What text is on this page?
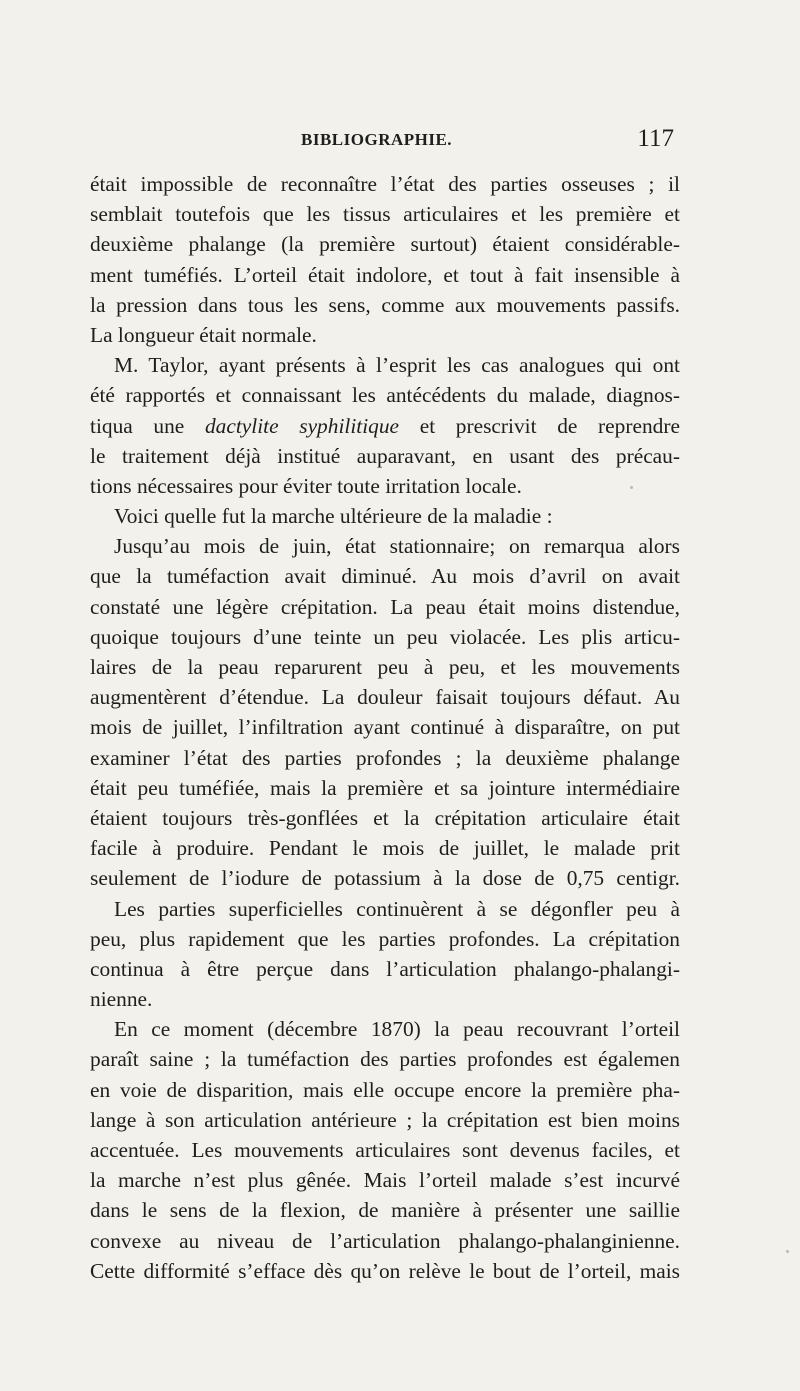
BIBLIOGRAPHIE.	117
était impossible de reconnaître l’état des parties osseuses ; il
semblait toutefois que les tissus articulaires et les première et
deuxième phalange (la première surtout) étaient considérable-
ment tuméfiés. L’orteil était indolore, et tout à fait insensible à
la pression dans tous les sens, comme aux mouvements passifs.
La longueur était normale.
M. Taylor, ayant présents à l’esprit les cas analogues qui ont
été rapportés et connaissant les antécédents du malade, diagnos-
tiqua une dactylite syphilitique et prescrivit de reprendre
le traitement déjà institué auparavant, en usant des précau-
tions nécessaires pour éviter toute irritation locale.
Voici quelle fut la marche ultérieure de la maladie :
Jusqu’au mois de juin, état stationnaire; on remarqua alors
que la tuméfaction avait diminué. Au mois d’avril on avait
constaté une légère crépitation. La peau était moins distendue,
quoique toujours d’une teinte un peu violacée. Les plis articu-
laires de la peau reparurent peu à peu, et les mouvements
augmentèrent d’étendue. La douleur faisait toujours défaut. Au
mois de juillet, l’infiltration ayant continué à disparaître, on put
examiner l’état des parties profondes ; la deuxième phalange
était peu tuméfiée, mais la première et sa jointure intermédiaire
étaient toujours très-gonflées et la crépitation articulaire était
facile à produire. Pendant le mois de juillet, le malade prit
seulement de l’iodure de potassium à la dose de 0,75 centigr.
Les parties superficielles continuèrent à se dégonfler peu à
peu, plus rapidement que les parties profondes. La crépitation
continua à être perçue dans l’articulation phalango-phalangi-
nienne.
En ce moment (décembre 1870) la peau recouvrant l’orteil
paraît saine ; la tuméfaction des parties profondes est égalemen
en voie de disparition, mais elle occupe encore la première pha-
lange à son articulation antérieure ; la crépitation est bien moins
accentuée. Les mouvements articulaires sont devenus faciles, et
la marche n’est plus gênée. Mais l’orteil malade s’est incurvé
dans le sens de la flexion, de manière à présenter une saillie
convexe au niveau de l’articulation phalango-phalanginienne.
Cette difformité s’efface dès qu’on relève le bout de l’orteil, mais
